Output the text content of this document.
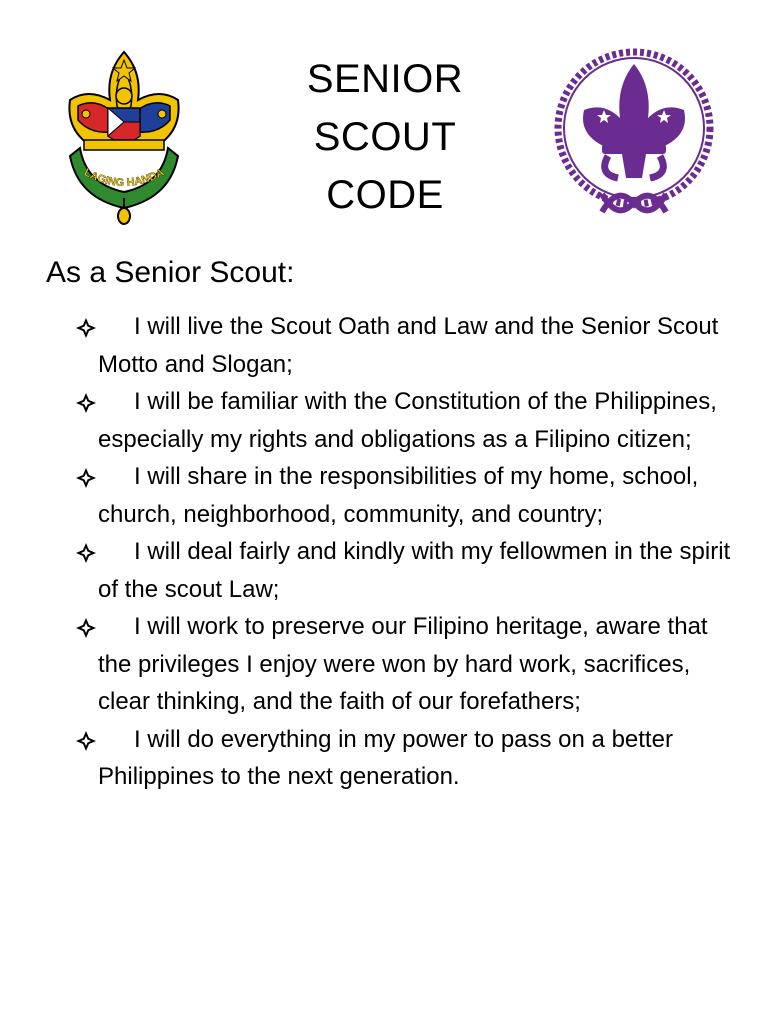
LAGING HANDA
SENIOR SCOUT
CODE
As a Senior Scout:
I will live the Scout Oath and Law and the Senior Scout Motto and Slogan;
I will be familiar with the Constitution of the Philippines, especially my rights and obligations as a Filipino citizen;
I will share in the responsibilities of my home, school, church, neighborhood, community, and country;
I will deal fairly and kindly with my fellowmen in the spirit of the scout Law;
I will work to preserve our Filipino heritage, aware that the privileges I enjoy were won by hard work, sacrifices, clear thinking, and the faith of our forefathers;
I will do everything in my power to pass on a better Philippines to the next generation.
